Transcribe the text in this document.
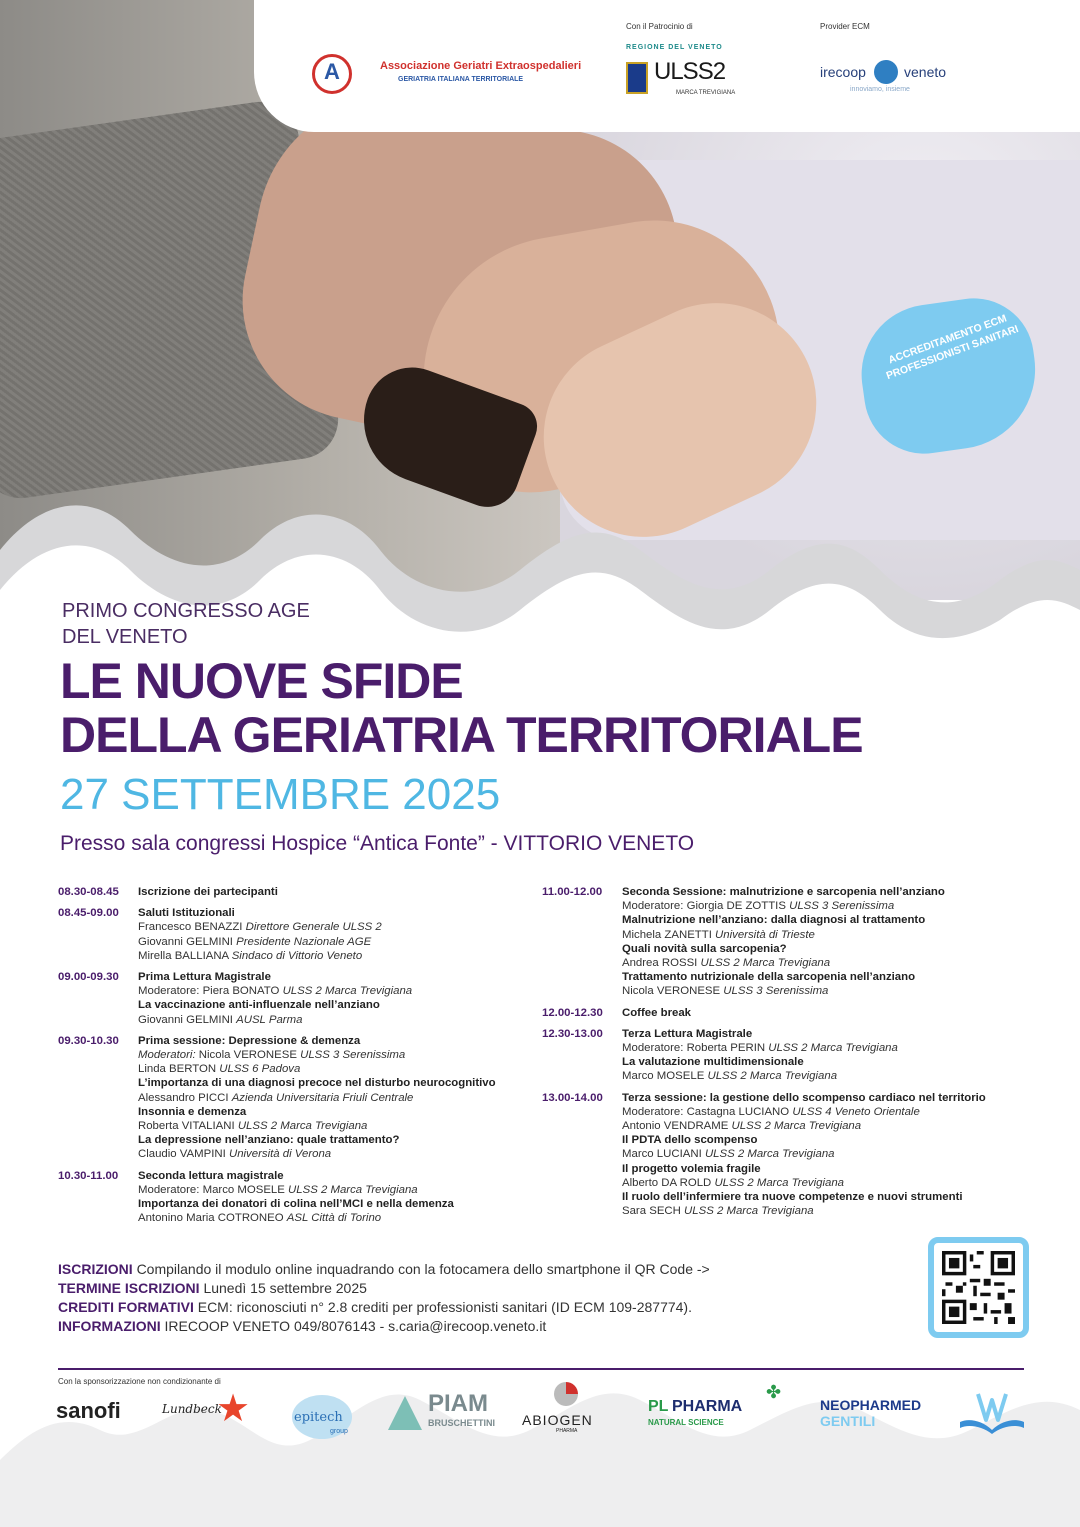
A	Associazione Geriatri Extraospedalieri
GERIATRIA ITALIANA TERRITORIALE
Con il Patrocinio di
REGIONE DEL VENETO
ULSS2
MARCA TREVIGIANA
Provider ECM
irecoop	veneto
innoviamo, insieme
ACCREDITAMENTO ECM PROFESSIONISTI SANITARI
PRIMO CONGRESSO AGE
DEL VENETO
LE NUOVE SFIDE
DELLA GERIATRIA TERRITORIALE
27 SETTEMBRE 2025
Presso sala congressi Hospice “Antica Fonte” - VITTORIO VENETO
08.30-08.45	Iscrizione dei partecipanti
08.45-09.00	Saluti Istituzionali
Francesco BENAZZI Direttore Generale ULSS 2
Giovanni GELMINI Presidente Nazionale AGE
Mirella BALLIANA Sindaco di Vittorio Veneto
09.00-09.30	Prima Lettura Magistrale
Moderatore: Piera BONATO ULSS 2 Marca Trevigiana
La vaccinazione anti-influenzale nell’anziano
Giovanni GELMINI AUSL Parma
09.30-10.30	Prima sessione: Depressione & demenza
Moderatori: Nicola VERONESE ULSS 3 Serenissima
Linda BERTON ULSS 6 Padova
L’importanza di una diagnosi precoce nel disturbo neurocognitivo
Alessandro PICCI Azienda Universitaria Friuli Centrale
Insonnia e demenza
Roberta VITALIANI ULSS 2 Marca Trevigiana
La depressione nell’anziano: quale trattamento?
Claudio VAMPINI Università di Verona
10.30-11.00	Seconda lettura magistrale
Moderatore: Marco MOSELE ULSS 2 Marca Trevigiana
Importanza dei donatori di colina nell’MCI e nella demenza
Antonino Maria COTRONEO ASL Città di Torino
11.00-12.00	Seconda Sessione: malnutrizione e sarcopenia nell’anziano
Moderatore: Giorgia DE ZOTTIS ULSS 3 Serenissima
Malnutrizione nell’anziano: dalla diagnosi al trattamento
Michela ZANETTI Università di Trieste
Quali novità sulla sarcopenia?
Andrea ROSSI ULSS 2 Marca Trevigiana
Trattamento nutrizionale della sarcopenia nell’anziano
Nicola VERONESE ULSS 3 Serenissima
12.00-12.30	Coffee break
12.30-13.00	Terza Lettura Magistrale
Moderatore: Roberta PERIN ULSS 2 Marca Trevigiana
La valutazione multidimensionale
Marco MOSELE ULSS 2 Marca Trevigiana
13.00-14.00	Terza sessione: la gestione dello scompenso cardiaco nel territorio
Moderatore: Castagna LUCIANO ULSS 4 Veneto Orientale
Antonio VENDRAME ULSS 2 Marca Trevigiana
Il PDTA dello scompenso
Marco LUCIANI ULSS 2 Marca Trevigiana
Il progetto volemia fragile
Alberto DA ROLD ULSS 2 Marca Trevigiana
Il ruolo dell’infermiere tra nuove competenze e nuovi strumenti
Sara SECH ULSS 2 Marca Trevigiana
ISCRIZIONI Compilando il modulo online inquadrando con la fotocamera dello smartphone il QR Code ->
TERMINE ISCRIZIONI Lunedì 15 settembre 2025
CREDITI FORMATIVI ECM: riconosciuti n° 2.8 crediti per professionisti sanitari (ID ECM 109-287774).
INFORMAZIONI IRECOOP VENETO 049/8076143 - s.caria@irecoop.veneto.it
Con la sponsorizzazione non condizionante di
sanofi	Lundbeck
★	epitech
group
PIAM
BRUSCHETTINI ABIOGEN
PHARMA
PL PHARMA
✤
NATURAL SCIENCE
NEOPHARMED
GENTILI
